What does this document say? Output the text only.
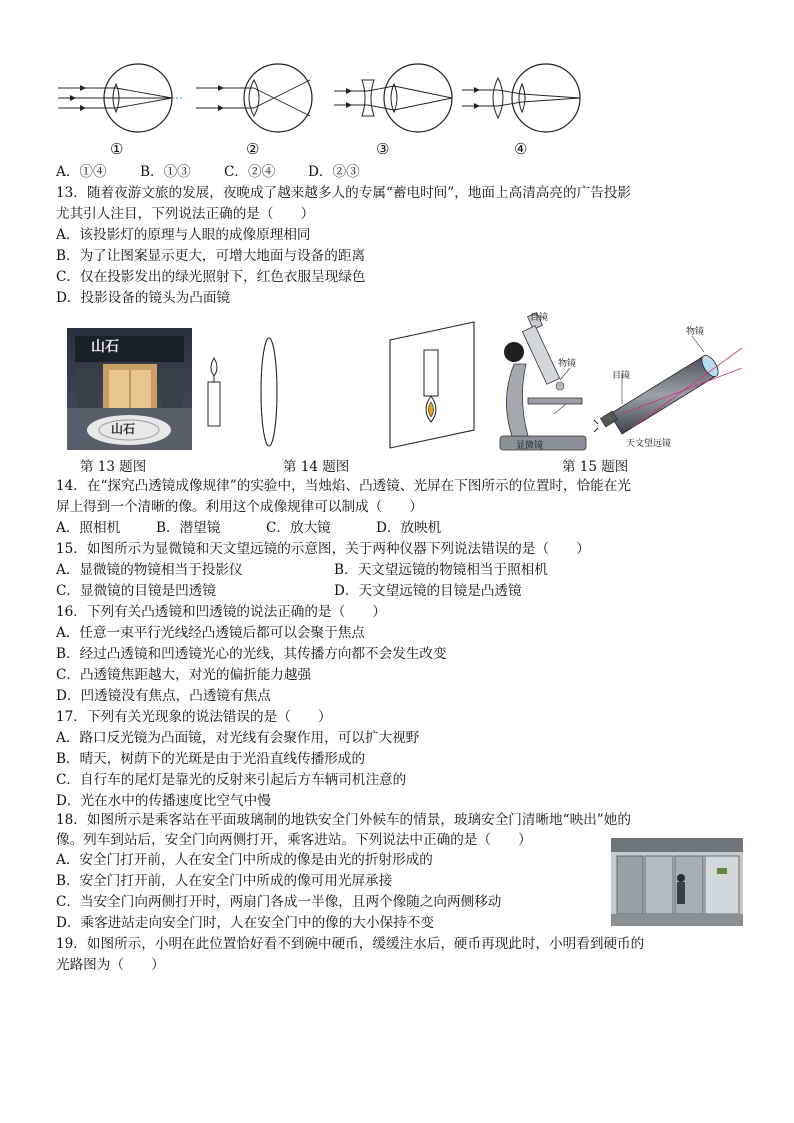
①	②	③	④
A．①④ B．①③ C．②④ D．②③
13．随着夜游文旅的发展，夜晚成了越来越多人的专属“蓄电时间”，地面上高清高亮的广告投影
尤其引人注目，下列说法正确的是（　　）
A．该投影灯的原理与人眼的成像原理相同
B．为了让图案显示更大，可增大地面与设备的距离
C．仅在投影发出的绿光照射下，红色衣服呈现绿色
D．投影设备的镜头为凸面镜
山石
山石
目镜
物镜
显微镜
目镜
物镜
天文望远镜
第 13 题图	第 14 题图	第 15 题图
14．在“探究凸透镜成像规律”的实验中，当烛焰、凸透镜、光屏在下图所示的位置时，恰能在光
屏上得到一个清晰的像。利用这个成像规律可以制成（　　）
A．照相机	B．潜望镜	C．放大镜	D．放映机
15．如图所示为显微镜和天文望远镜的示意图，关于两种仪器下列说法错误的是（　　）
A．显微镜的物镜相当于投影仪	B．天文望远镜的物镜相当于照相机
C．显微镜的目镜是凹透镜	D．天文望远镜的目镜是凸透镜
16．下列有关凸透镜和凹透镜的说法正确的是（　　）
A．任意一束平行光线经凸透镜后都可以会聚于焦点
B．经过凸透镜和凹透镜光心的光线，其传播方向都不会发生改变
C．凸透镜焦距越大，对光的偏折能力越强
D．凹透镜没有焦点，凸透镜有焦点
17．下列有关光现象的说法错误的是（　　）
A．路口反光镜为凸面镜，对光线有会聚作用，可以扩大视野
B．晴天，树荫下的光斑是由于光沿直线传播形成的
C．自行车的尾灯是靠光的反射来引起后方车辆司机注意的
D．光在水中的传播速度比空气中慢
18．如图所示是乘客站在平面玻璃制的地铁安全门外候车的情景，玻璃安全门清晰地“映出”她的
像。列车到站后，安全门向两侧打开，乘客进站。下列说法中正确的是（　　）
A．安全门打开前，人在安全门中所成的像是由光的折射形成的
B．安全门打开前，人在安全门中所成的像可用光屏承接
C．当安全门向两侧打开时，两扇门各成一半像，且两个像随之向两侧移动
D．乘客进站走向安全门时，人在安全门中的像的大小保持不变
19．如图所示，小明在此位置恰好看不到碗中硬币，缓缓注水后，硬币再现此时，小明看到硬币的
光路图为（　　）
